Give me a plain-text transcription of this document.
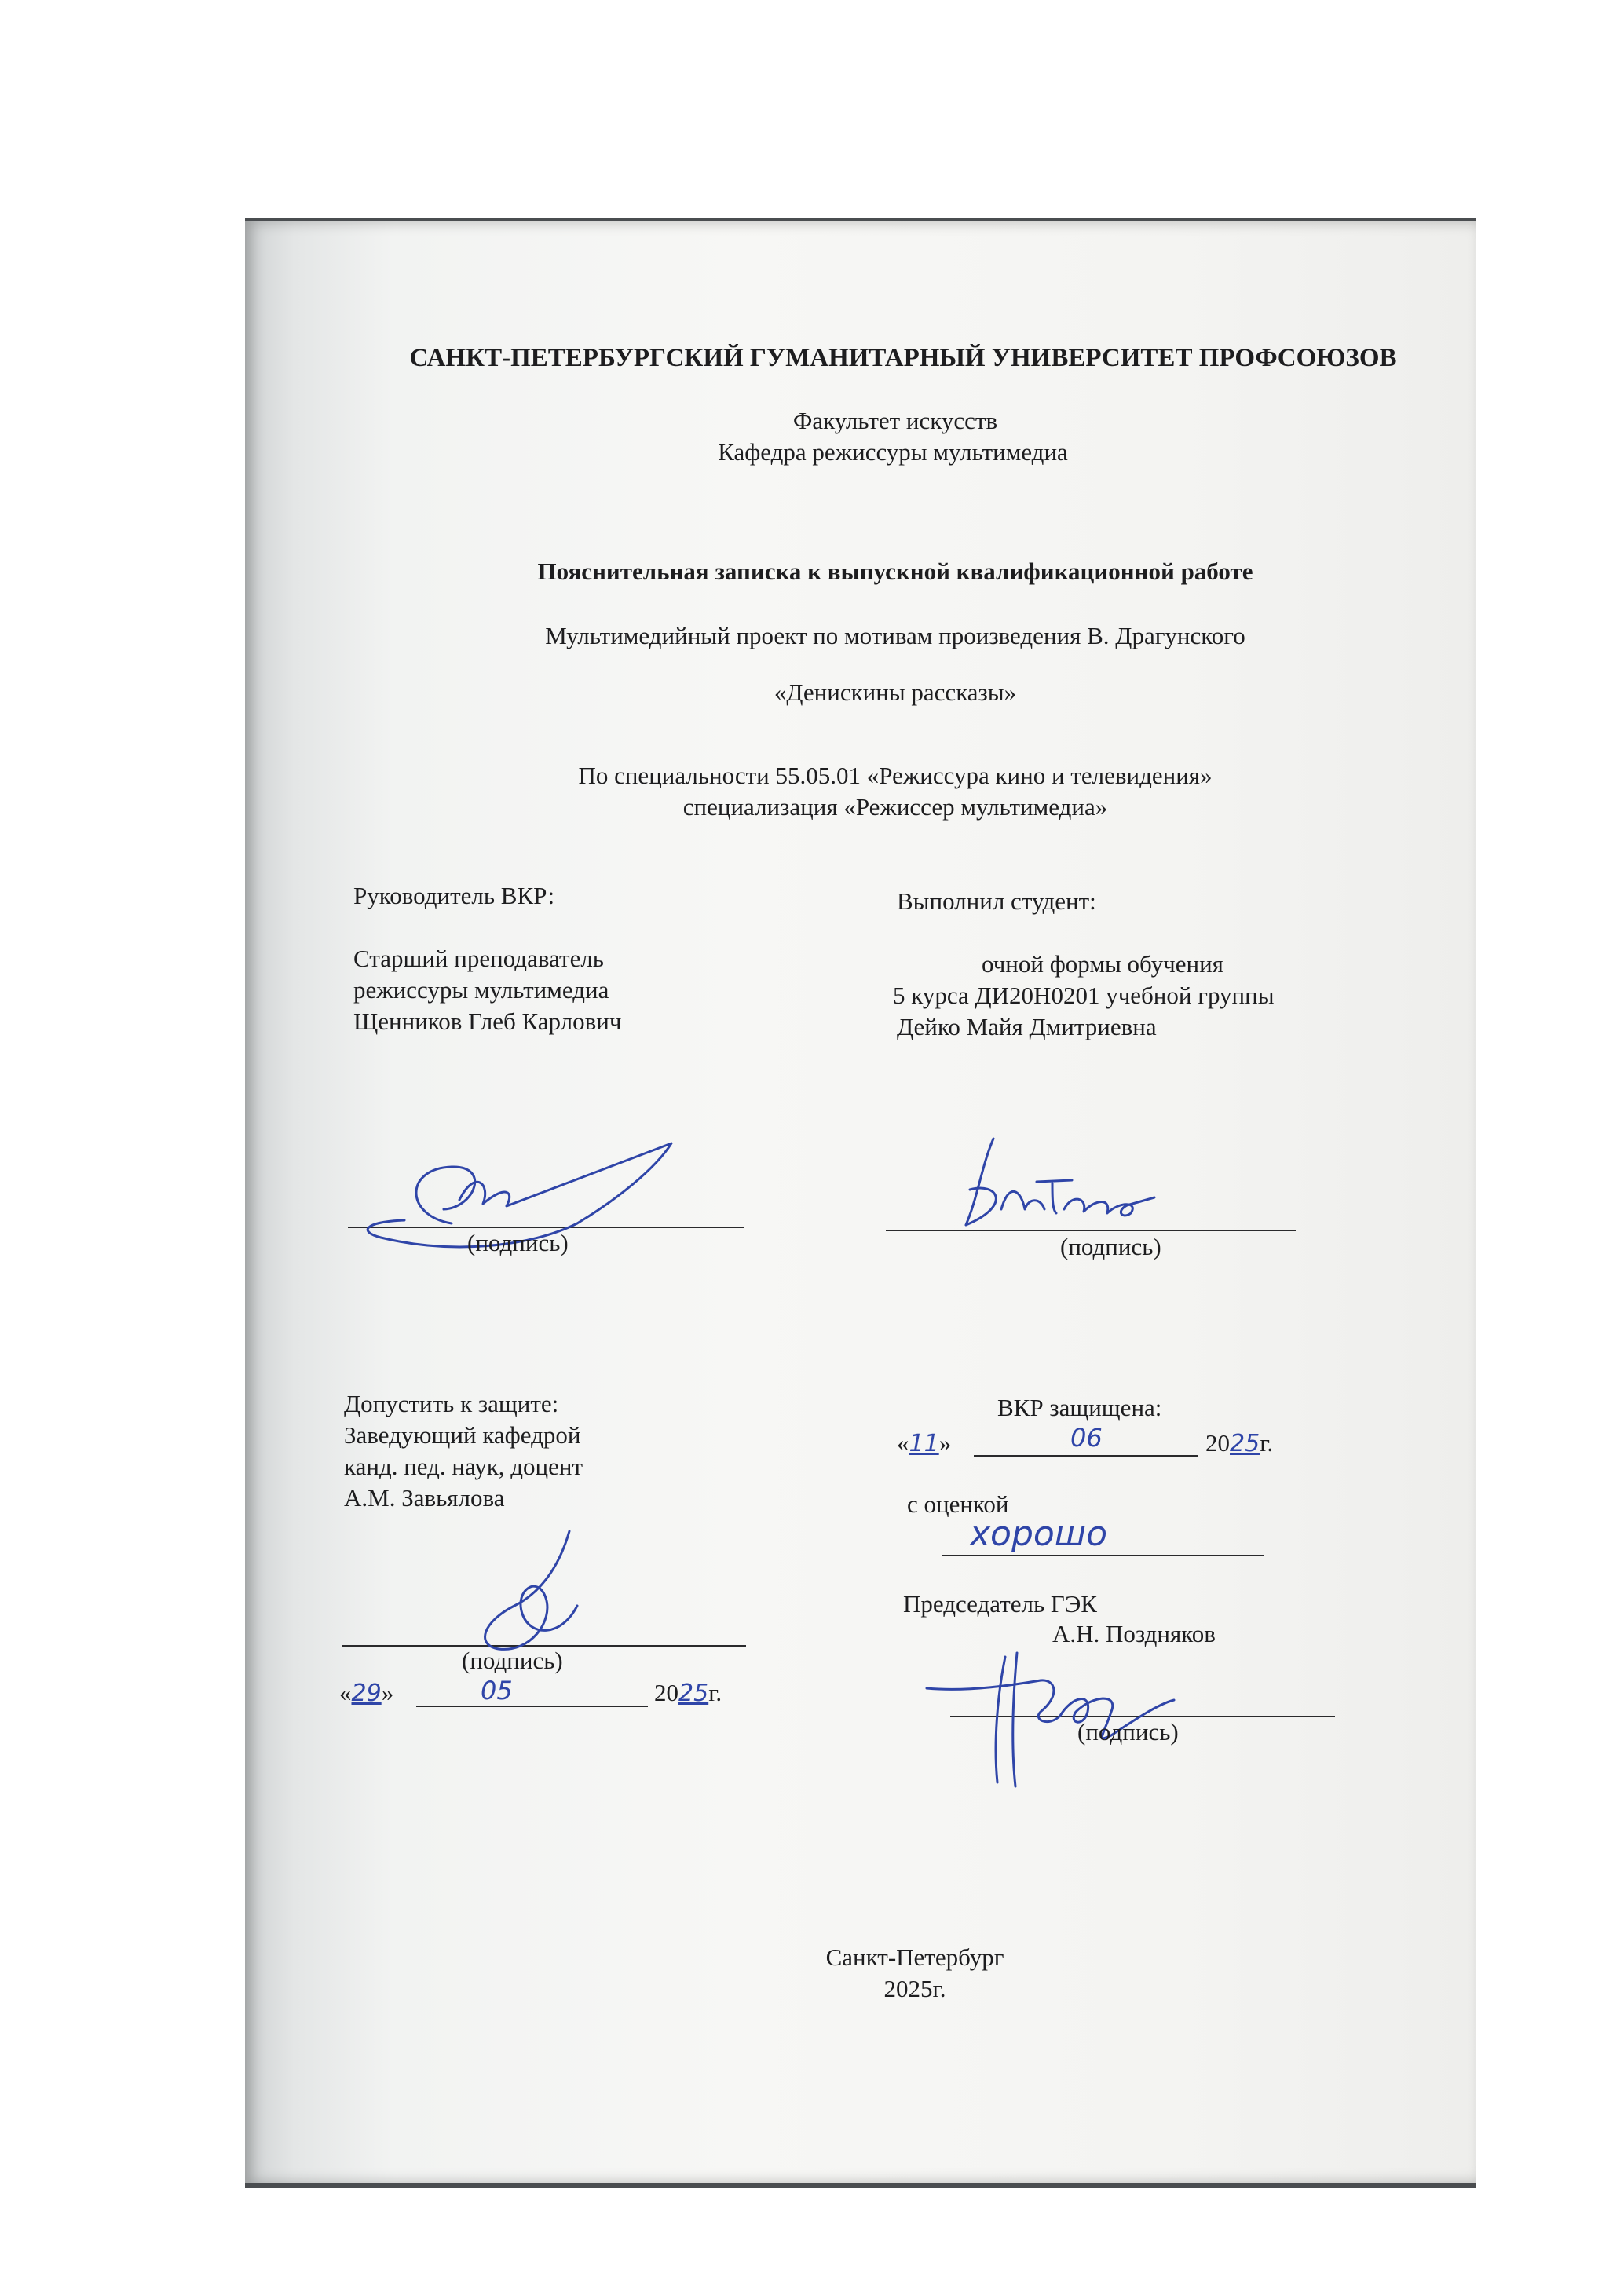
САНКТ-ПЕТЕРБУРГСКИЙ ГУМАНИТАРНЫЙ УНИВЕРСИТЕТ ПРОФСОЮЗОВ
Факультет искусств
Кафедра режиссуры мультимедиа
Пояснительная записка к выпускной квалификационной работе
Мультимедийный проект по мотивам произведения В. Драгунского
«Денискины рассказы»
По специальности 55.05.01 «Режиссура кино и телевидения»
специализация «Режиссер мультимедиа»
Руководитель ВКР:
Старший преподаватель
режиссуры мультимедиа
Щенников Глеб Карлович
Выполнил студент:
очной формы обучения
5 курса ДИ20Н0201 учебной группы
Дейко Майя Дмитриевна
(подпись)	(подпись)
Допустить к защите:
Заведующий кафедрой
канд. пед. наук, доцент
А.М. Завьялова
(подпись)
«29»	05	2025г.
ВКР защищена:
«11»	06	2025г.
с оценкой
хорошо
Председатель ГЭК
А.Н. Поздняков
(подпись)
Санкт-Петербург
2025г.
